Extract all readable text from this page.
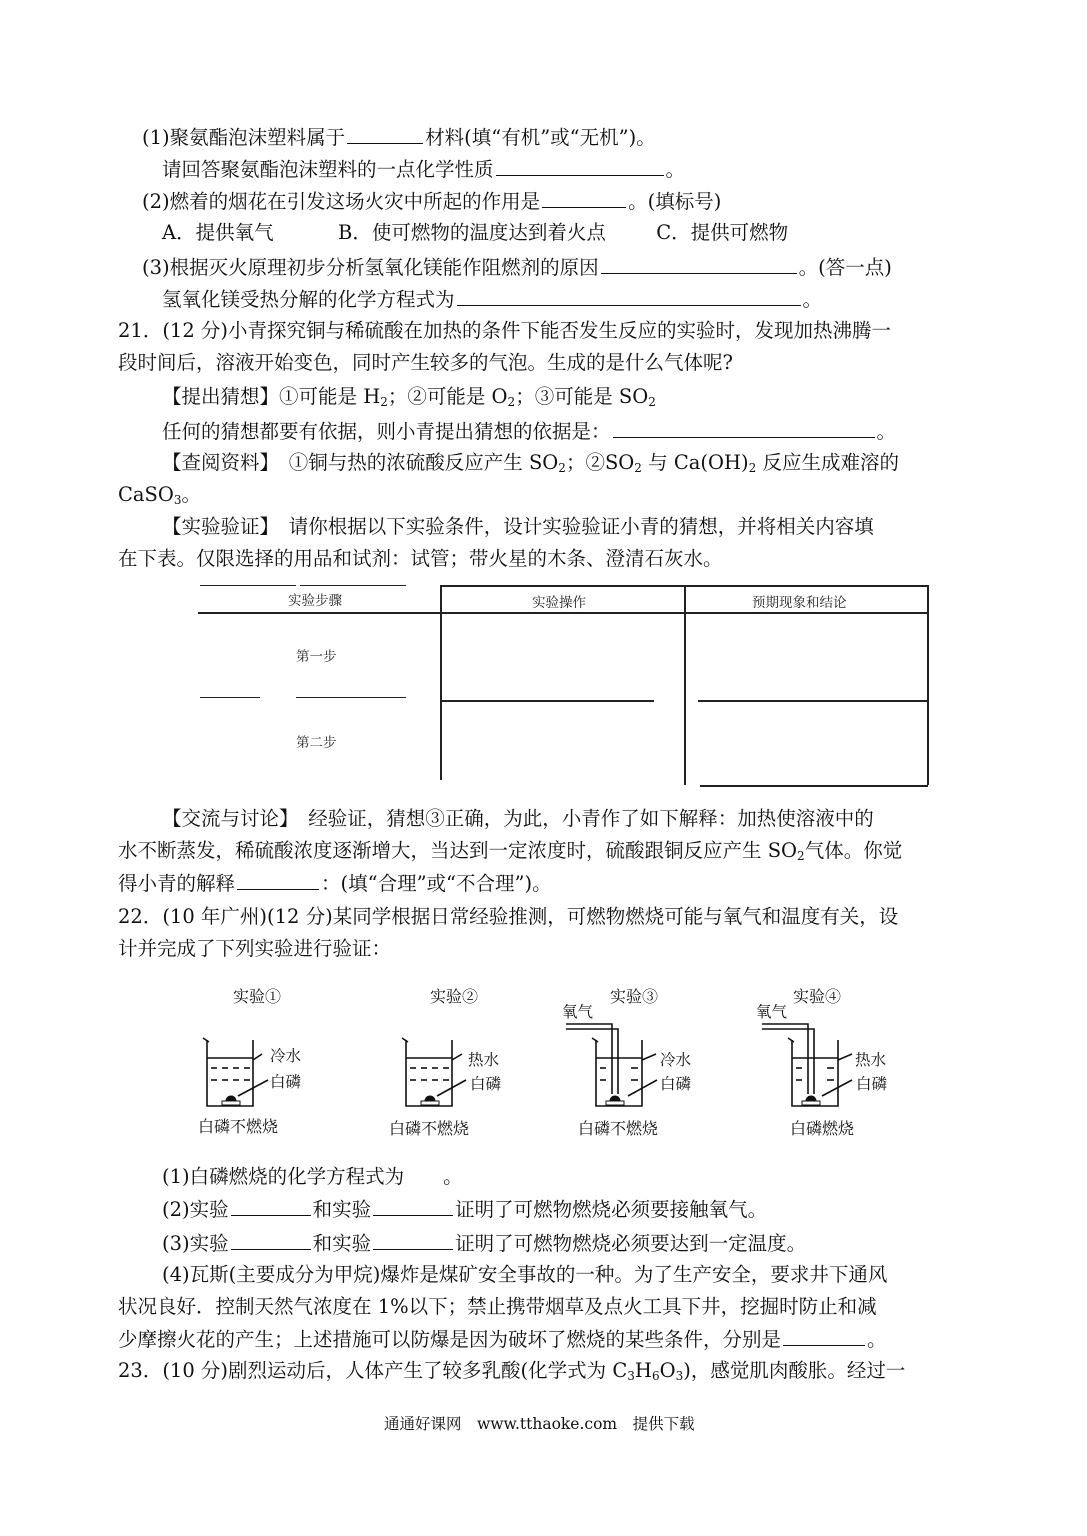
(1)聚氨酯泡沫塑料属于	材料(填“有机”或“无机”)。
请回答聚氨酯泡沫塑料的一点化学性质	。
(2)燃着的烟花在引发这场火灾中所起的作用是	。(填标号)
A．提供氧气	B．使可燃物的温度达到着火点	C．提供可燃物
(3)根据灭火原理初步分析氢氧化镁能作阻燃剂的原因	。(答一点)
氢氧化镁受热分解的化学方程式为	。
21．(12 分)小青探究铜与稀硫酸在加热的条件下能否发生反应的实验时，发现加热沸腾一
段时间后，溶液开始变色，同时产生较多的气泡。生成的是什么气体呢?
【提出猜想】①可能是 $H_2$；②可能是 $O_2$；③可能是 $SO_2$
任何的猜想都要有依据，则小青提出猜想的依据是：	。
【查阅资料】　①铜与热的浓硫酸反应产生 $SO_2$；$②SO_2$ 与 $Ca(OH)_2$ 反应生成难溶的
CaSO$_3$。
【实验验证】　请你根据以下实验条件，设计实验验证小青的猜想，并将相关内容填
在下表。仅限选择的用品和试剂：试管；带火星的木条、澄清石灰水。
实验步骤	实验操作	预期现象和结论
第一步
第二步
【交流与讨论】　经验证，猜想③正确，为此，小青作了如下解释：加热使溶液中的
水不断蒸发，稀硫酸浓度逐渐增大，当达到一定浓度时，硫酸跟铜反应产生 $SO_2$气体。你觉
得小青的解释	：(填“合理”或“不合理”)。
22．(10 年广州)(12 分)某同学根据日常经验推测，可燃物燃烧可能与氧气和温度有关，设
计并完成了下列实验进行验证：
实验①
冷水
白磷
白磷不燃烧
实验②
热水
白磷
白磷不燃烧
实验③
氧气
冷水
白磷
白磷不燃烧
实验④
氧气
热水
白磷
白磷燃烧
(1)白磷燃烧的化学方程式为　　。
(2)实验	和实验	证明了可燃物燃烧必须要接触氧气。
(3)实验	和实验	证明了可燃物燃烧必须要达到一定温度。
(4)瓦斯(主要成分为甲烷)爆炸是煤矿安全事故的一种。为了生产安全，要求井下通风
状况良好．控制天然气浓度在 1%以下；禁止携带烟草及点火工具下井，挖掘时防止和减
少摩擦火花的产生；上述措施可以防爆是因为破坏了燃烧的某些条件，分别是	。
23．(10 分)剧烈运动后，人体产生了较多乳酸(化学式为 $C_3H_6O_3$)，感觉肌肉酸胀。经过一
通通好课网　www.tthaoke.com　提供下载
